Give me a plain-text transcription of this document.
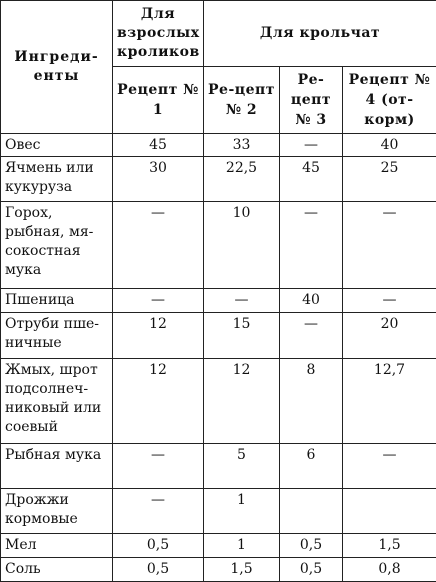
Ингреди-енты	Для взрослых кроликов	Для крольчат		
	Рецепт № 1	Ре-цепт № 2	Ре-цепт № 3	Рецепт № 4 (от-корм)
Овес	45	33	—	40
Ячмень или кукуруза	30	22,5	45	25
Горох, рыбная, мя-сокостная мука	—	10	—	—
Пшеница	—	—	40	—
Отруби пше-ничные	12	15	—	20
Жмых, шрот подсолнеч-никовый или соевый	12	12	8	12,7
Рыбная мука	—	5	6	—
Дрожжи кормовые	—	1		
Мел	0,5	1	0,5	1,5
Соль	0,5	1,5	0,5	0,8
